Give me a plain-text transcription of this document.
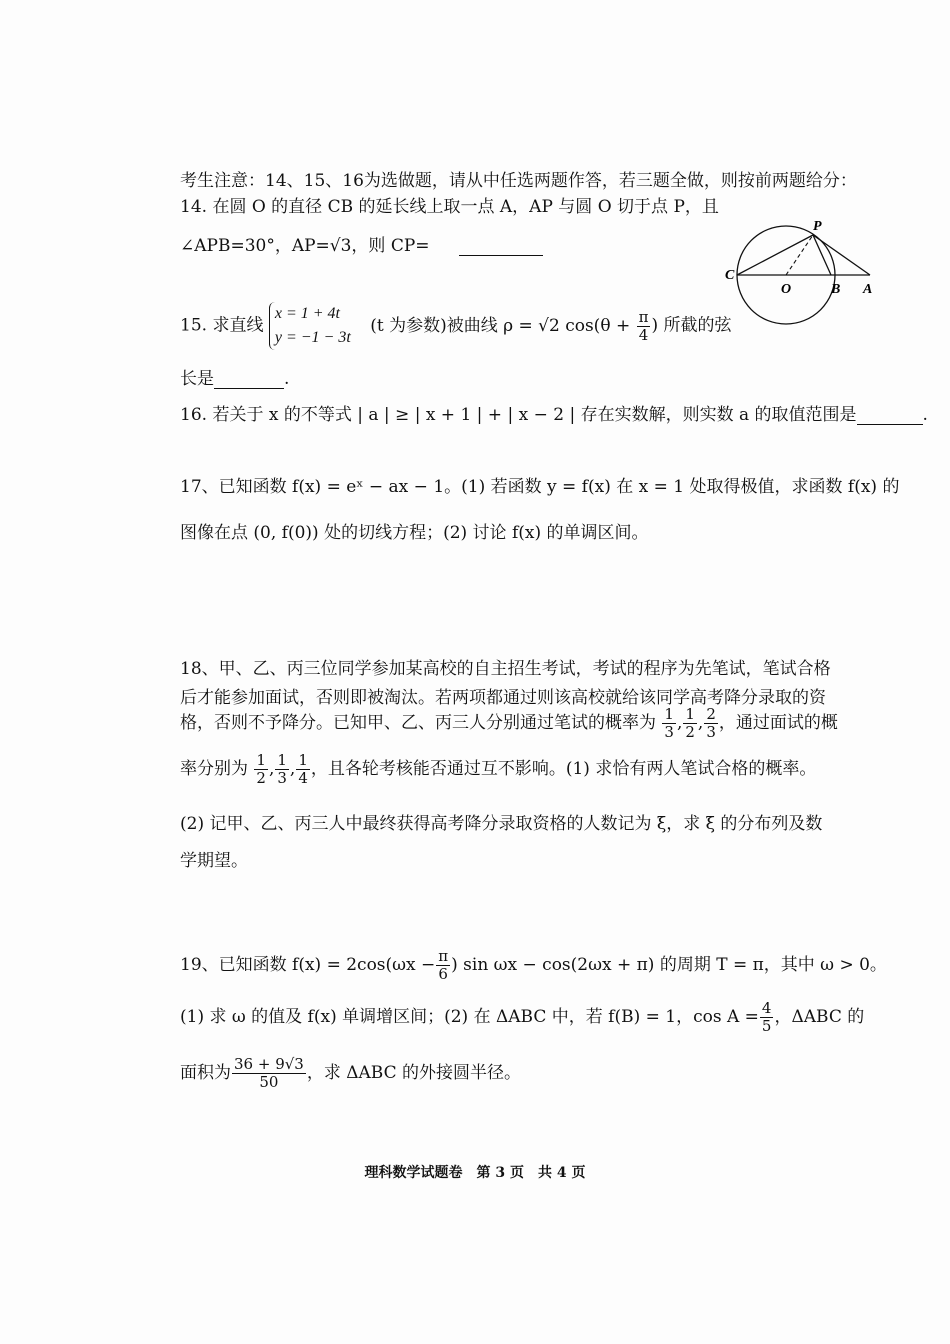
考生注意：14、15、16为选做题，请从中任选两题作答，若三题全做，则按前两题给分：
14. 在圆 O 的直径 CB 的延长线上取一点 A，AP 与圆 O 切于点 P，且
∠APB=30°，AP=√3，则 CP=
P
C
O	B A
15. 求直线
x = 1 + 4t
y = −1 − 3t
(t 为参数)被曲线 ρ = √2 $\cos(\theta + \frac{\pi}{4}$ ) 所截的弦
长是	.
16. 若关于 x 的不等式 | a | ≥ | x + 1 | + | x − 2 | 存在实数解，则实数 a 的取值范围是	.
17、已知函数 f(x) = eˣ − ax − 1。(1) 若函数 y = f(x) 在 x = 1 处取得极值，求函数 f(x) 的
图像在点 (0, f(0)) 处的切线方程；(2) 讨论 f(x) 的单调区间。
18、甲、乙、丙三位同学参加某高校的自主招生考试，考试的程序为先笔试，笔试合格
后才能参加面试，否则即被淘汰。若两项都通过则该高校就给该同学高考降分录取的资
格，否则不予降分。已知甲、乙、丙三人分别通过笔试的概率为 $\frac{1}{3}$ , $\frac{1}{2}$ , $\frac{2}{3}$ ，通过面试的概
率分别为 $\frac{1}{2}$ , $\frac{1}{3}$ , $\frac{1}{4}$ ，且各轮考核能否通过互不影响。(1) 求恰有两人笔试合格的概率。
(2) 记甲、乙、丙三人中最终获得高考降分录取资格的人数记为 ξ，求 ξ 的分布列及数
学期望。
19、已知函数 $f(x) = 2\cos(\omega x - \frac{\pi}{6}$ ) sin ωx − cos(2ωx + π) 的周期 T = π，其中 ω > 0。
(1) 求 ω 的值及 f(x) 单调增区间；(2) 在 ΔABC 中，若 f(B) = 1，$\cos A = \frac{4}{5}$ ，ΔABC 的
面积为 $\frac{36 + 9√3}{50}$ ，求 ΔABC 的外接圆半径。
理科数学试题卷　第 3 页　共 4 页
